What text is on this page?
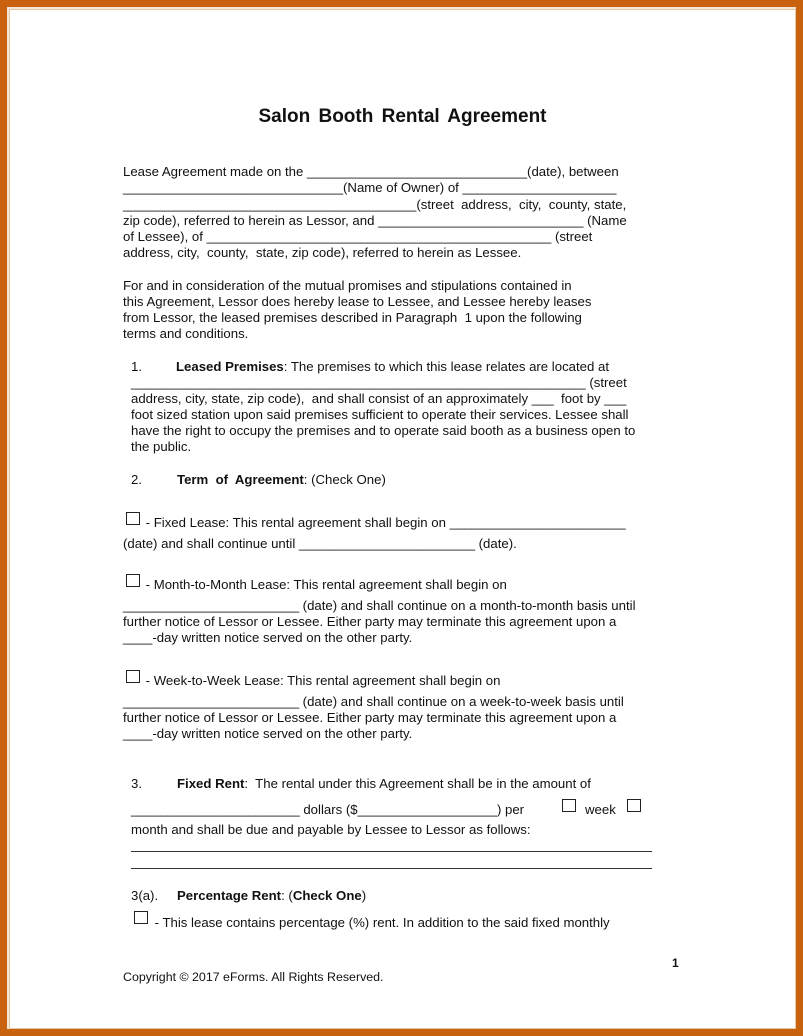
Salon Booth Rental Agreement
Lease Agreement made on the ______________________________(date), between
______________________________(Name of Owner) of _____________________
________________________________________(street  address,  city,  county, state,
zip code), referred to herein as Lessor, and ____________________________ (Name
of Lessee), of _______________________________________________ (street
address, city,  county,  state, zip code), referred to herein as Lessee.
For and in consideration of the mutual promises and stipulations contained in
this Agreement, Lessor does hereby lease to Lessee, and Lessee hereby leases
from Lessor, the leased premises described in Paragraph  1 upon the following
terms and conditions.
1.	Leased Premises: The premises to which this lease relates are located at
______________________________________________________________ (street
address, city, state, zip code),  and shall consist of an approximately ___  foot by ___
foot sized station upon said premises sufficient to operate their services. Lessee shall
have the right to occupy the premises and to operate said booth as a business open to
the public.
2.	Term  of  Agreement: (Check One)
- Fixed Lease: This rental agreement shall begin on ________________________
(date) and shall continue until ________________________ (date).
- Month-to-Month Lease: This rental agreement shall begin on
________________________ (date) and shall continue on a month-to-month basis until
further notice of Lessor or Lessee. Either party may terminate this agreement upon a
____-day written notice served on the other party.
- Week-to-Week Lease: This rental agreement shall begin on
________________________ (date) and shall continue on a week-to-week basis until
further notice of Lessor or Lessee. Either party may terminate this agreement upon a
____-day written notice served on the other party.
3.	Fixed Rent:  The rental under this Agreement shall be in the amount of
_______________________ dollars ($___________________) per	week
month and shall be due and payable by Lessee to Lessor as follows:
3(a). Percentage Rent: (Check One)
- This lease contains percentage (%) rent. In addition to the said fixed monthly
1
Copyright © 2017 eForms. All Rights Reserved.
